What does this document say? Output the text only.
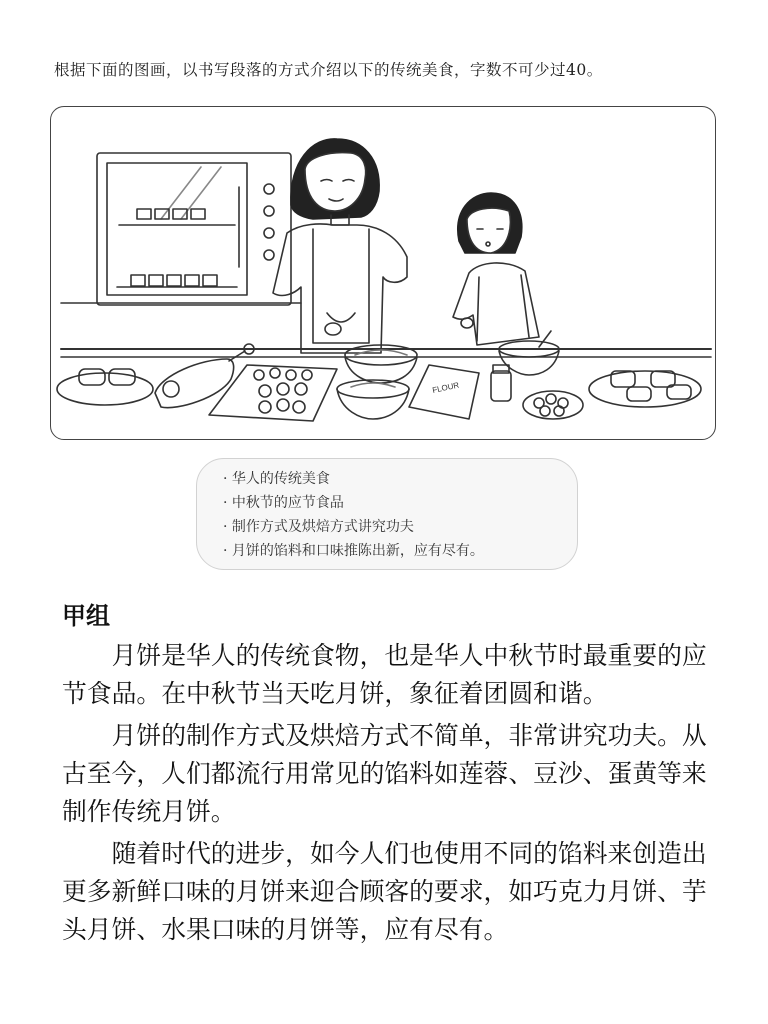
根据下面的图画，以书写段落的方式介绍以下的传统美食，字数不可少过40。
FLOUR
· 华人的传统美食
· 中秋节的应节食品
· 制作方式及烘焙方式讲究功夫
· 月饼的馅料和口味推陈出新，应有尽有。
甲组

月饼是华人的传统食物，也是华人中秋节时最重要的应节食品。在中秋节当天吃月饼，象征着团圆和谐。

月饼的制作方式及烘焙方式不简单，非常讲究功夫。从古至今，人们都流行用常见的馅料如莲蓉、豆沙、蛋黄等来制作传统月饼。

随着时代的进步，如今人们也使用不同的馅料来创造出更多新鲜口味的月饼来迎合顾客的要求，如巧克力月饼、芋头月饼、水果口味的月饼等，应有尽有。
